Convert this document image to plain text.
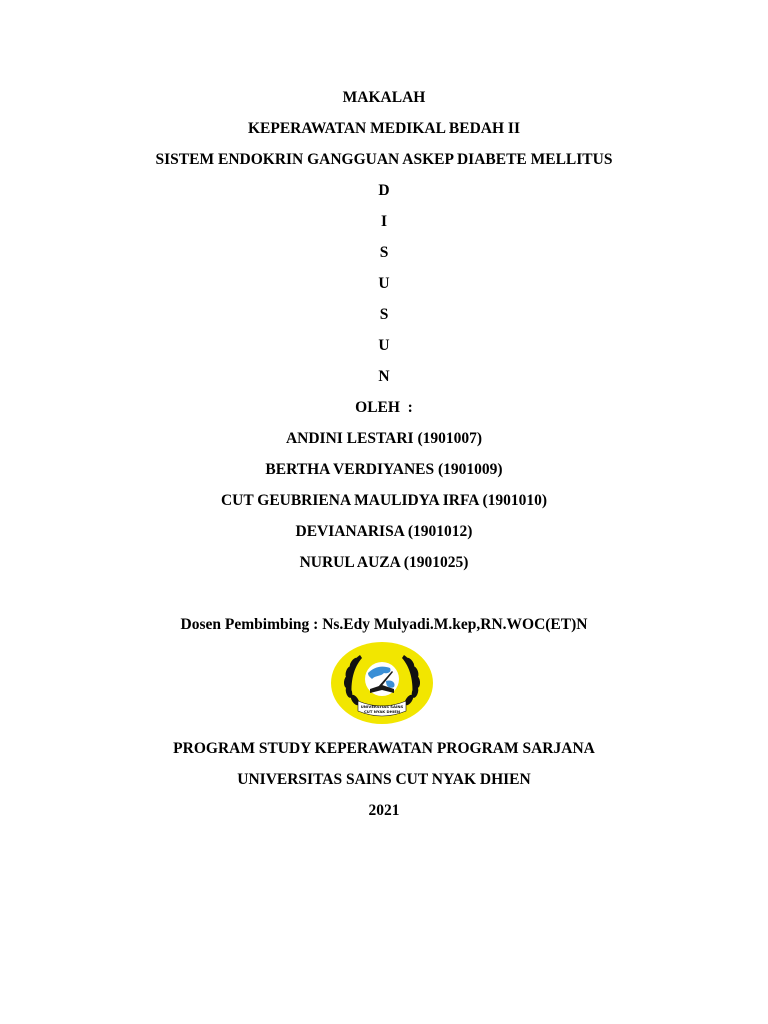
MAKALAH
KEPERAWATAN MEDIKAL BEDAH II
SISTEM ENDOKRIN GANGGUAN ASKEP DIABETE MELLITUS
D
I
S
U
S
U
N
OLEH  :
ANDINI LESTARI (1901007)
BERTHA VERDIYANES (1901009)
CUT GEUBRIENA MAULIDYA IRFA (1901010)
DEVIANARISA (1901012)
NURUL AUZA (1901025)
Dosen Pembimbing : Ns.Edy Mulyadi.M.kep,RN.WOC(ET)N
UNIVERSITAS SAINS
CUT NYAK DHIEN
PROGRAM STUDY KEPERAWATAN PROGRAM SARJANA
UNIVERSITAS SAINS CUT NYAK DHIEN
2021
